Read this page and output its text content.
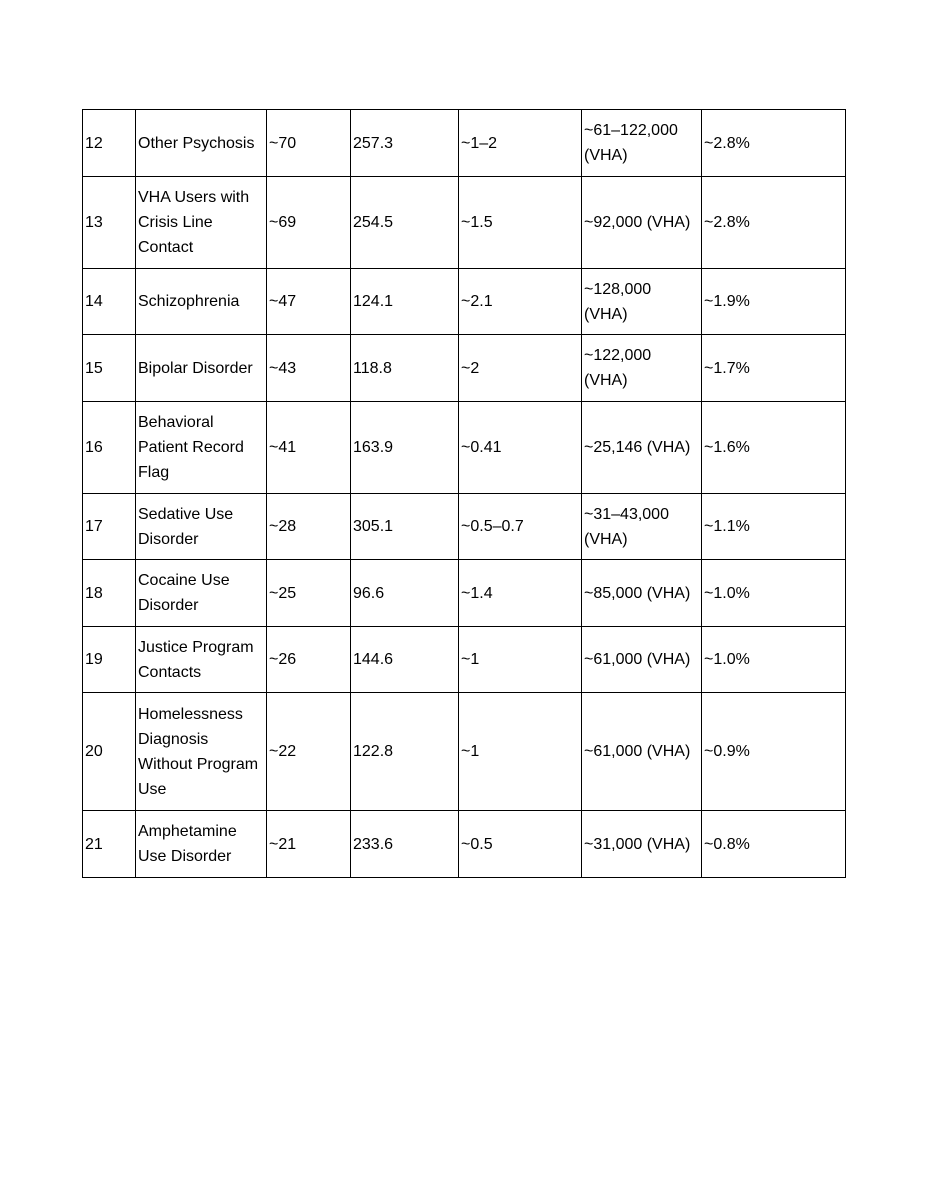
12	Other Psychosis	~70	257.3	~1–2	~61–122,000 (VHA)	~2.8%
13	VHA Users with Crisis Line Contact	~69	254.5	~1.5	~92,000 (VHA)	~2.8%
14	Schizophrenia	~47	124.1	~2.1	~128,000 (VHA)	~1.9%
15	Bipolar Disorder	~43	118.8	~2	~122,000 (VHA)	~1.7%
16	Behavioral Patient Record Flag	~41	163.9	~0.41	~25,146 (VHA)	~1.6%
17	Sedative Use Disorder	~28	305.1	~0.5–0.7	~31–43,000 (VHA)	~1.1%
18	Cocaine Use Disorder	~25	96.6	~1.4	~85,000 (VHA)	~1.0%
19	Justice Program Contacts	~26	144.6	~1	~61,000 (VHA)	~1.0%
20	Homelessness Diagnosis Without Program Use	~22	122.8	~1	~61,000 (VHA)	~0.9%
21	Amphetamine Use Disorder	~21	233.6	~0.5	~31,000 (VHA)	~0.8%
